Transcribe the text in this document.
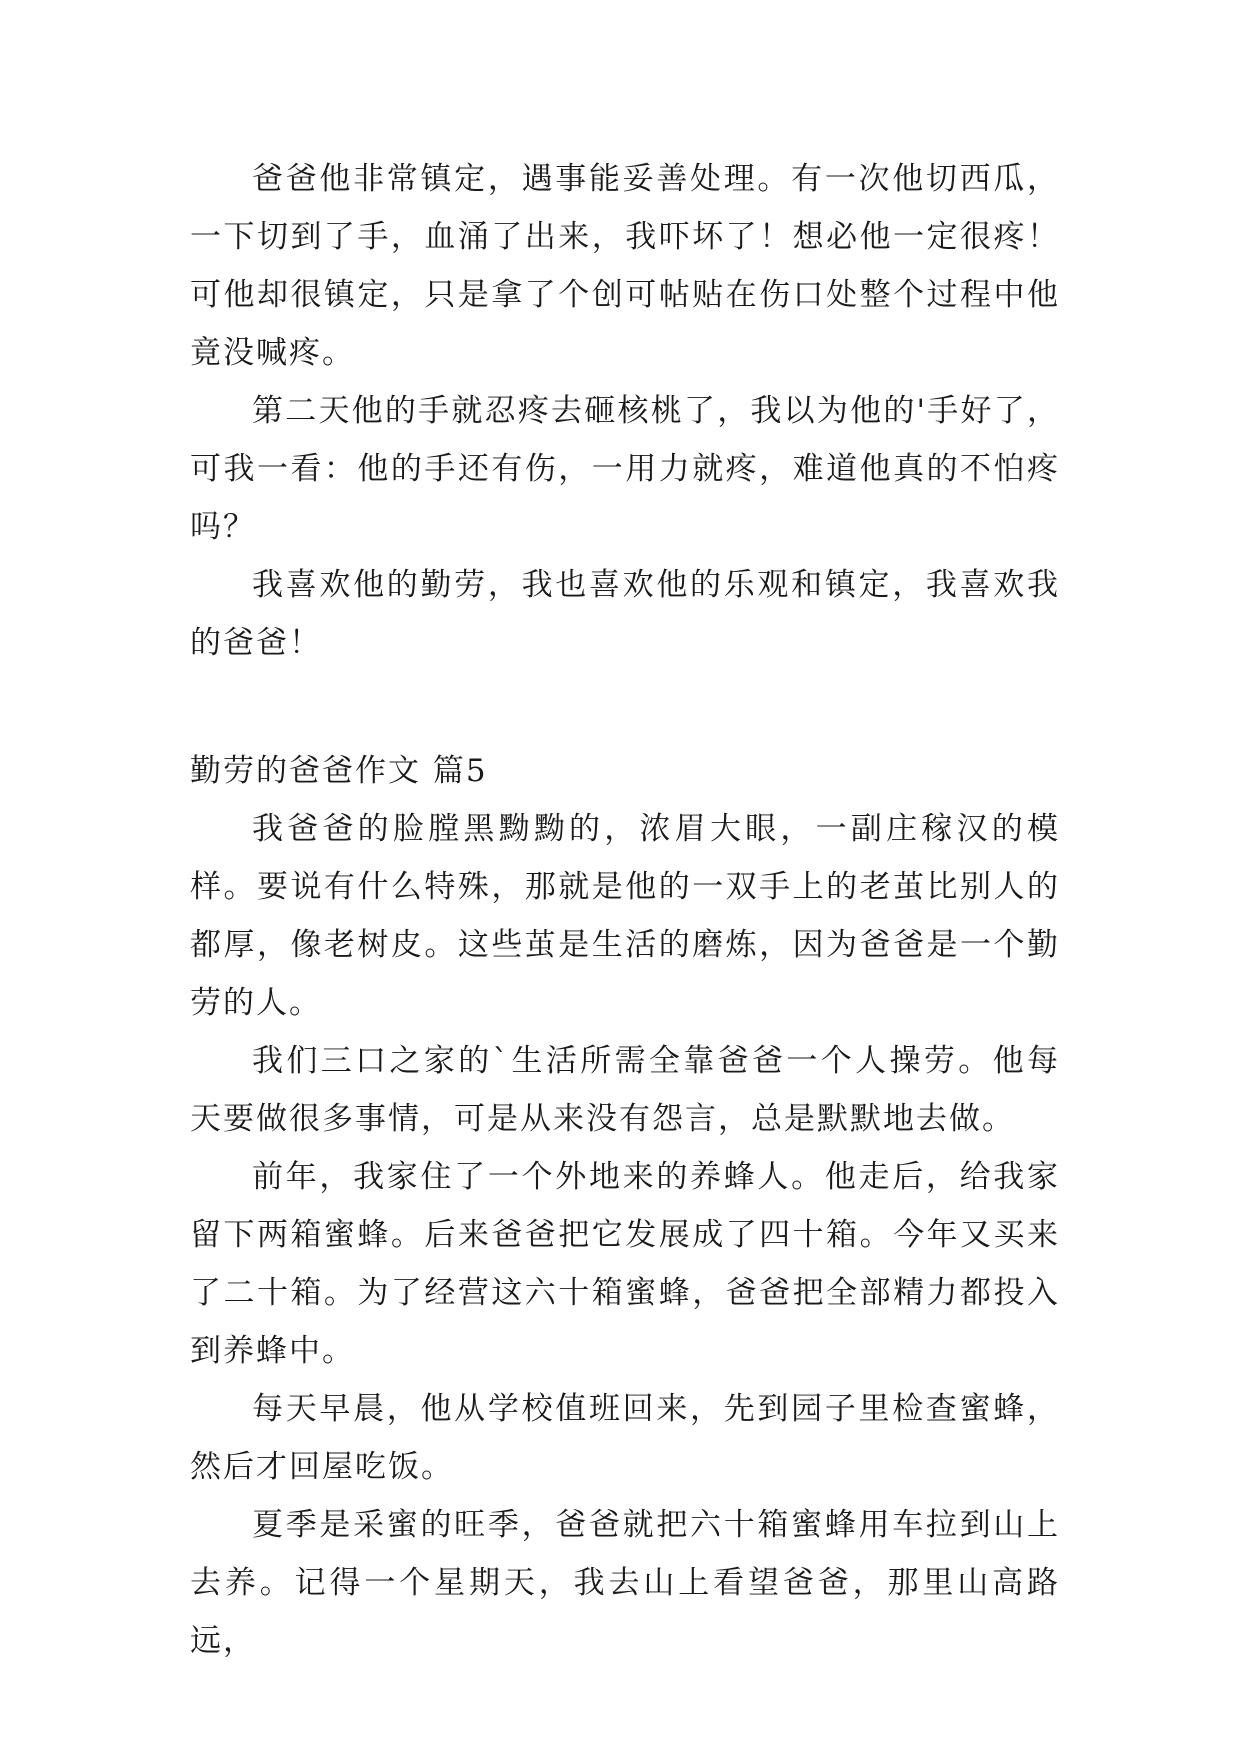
爸爸他非常镇定，遇事能妥善处理。有一次他切西瓜，一下切到了手，血涌了出来，我吓坏了！想必他一定很疼！可他却很镇定，只是拿了个创可帖贴在伤口处整个过程中他竟没喊疼。

第二天他的手就忍疼去砸核桃了，我以为他的'手好了，可我一看：他的手还有伤，一用力就疼，难道他真的不怕疼吗？

我喜欢他的勤劳，我也喜欢他的乐观和镇定，我喜欢我的爸爸！

勤劳的爸爸作文 篇5

我爸爸的脸膛黑黝黝的，浓眉大眼，一副庄稼汉的模样。要说有什么特殊，那就是他的一双手上的老茧比别人的都厚，像老树皮。这些茧是生活的磨炼，因为爸爸是一个勤劳的人。

我们三口之家的`生活所需全靠爸爸一个人操劳。他每天要做很多事情，可是从来没有怨言，总是默默地去做。

前年，我家住了一个外地来的养蜂人。他走后，给我家留下两箱蜜蜂。后来爸爸把它发展成了四十箱。今年又买来了二十箱。为了经营这六十箱蜜蜂，爸爸把全部精力都投入到养蜂中。

每天早晨，他从学校值班回来，先到园子里检查蜜蜂，然后才回屋吃饭。

夏季是采蜜的旺季，爸爸就把六十箱蜜蜂用车拉到山上去养。记得一个星期天，我去山上看望爸爸，那里山高路远，
